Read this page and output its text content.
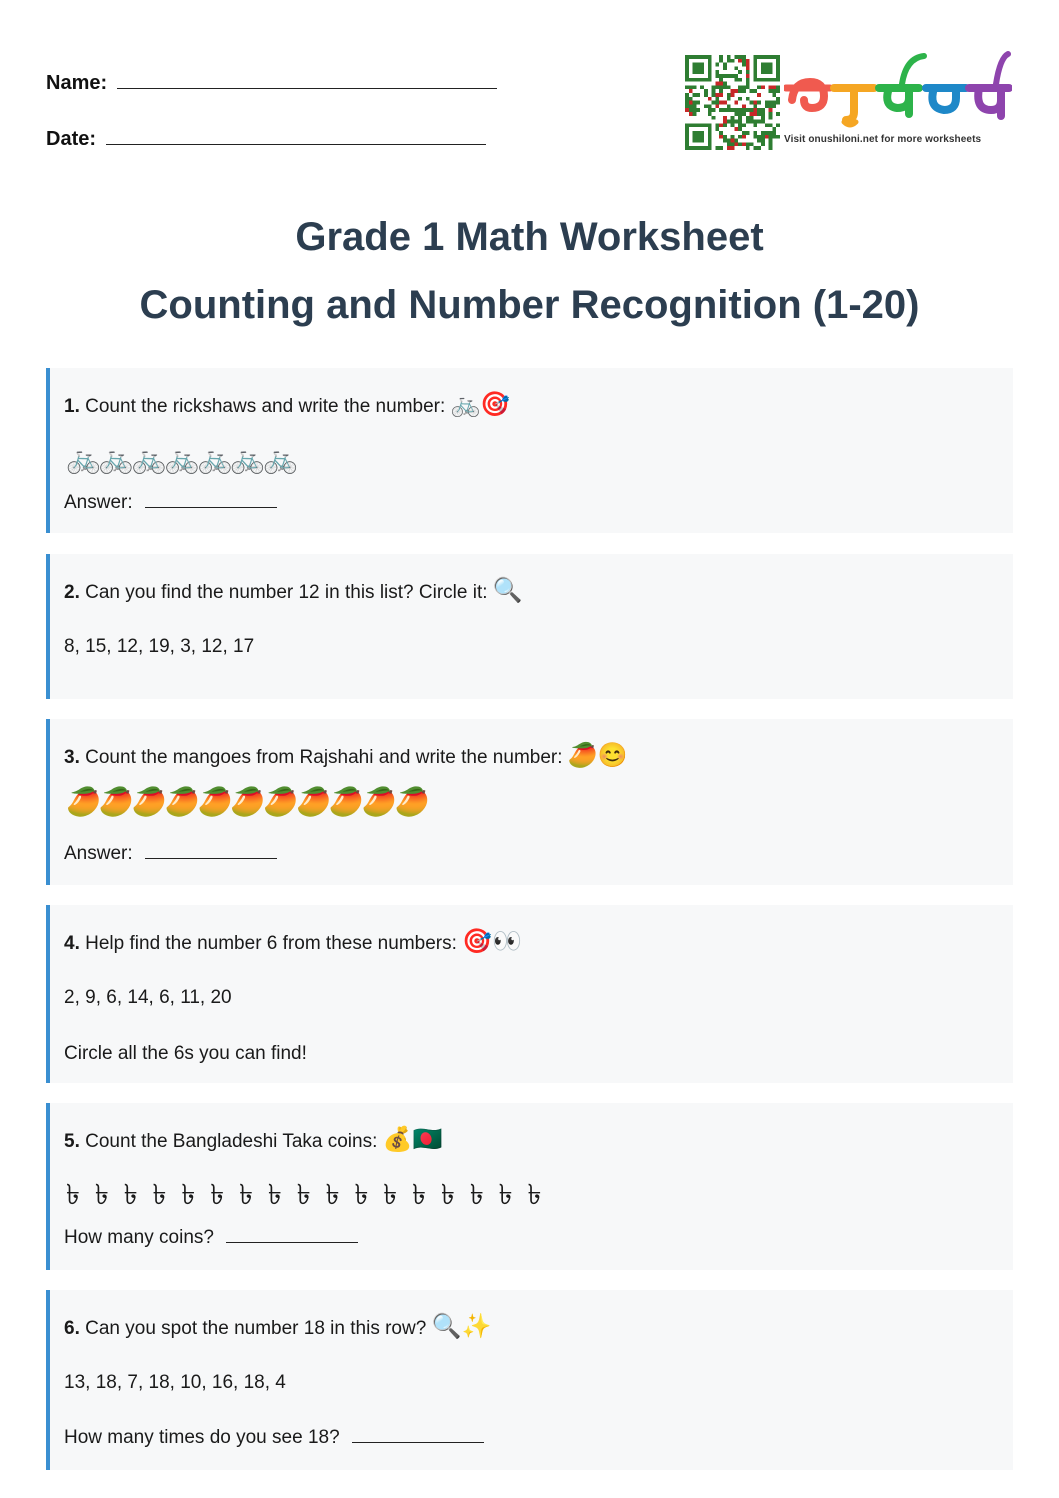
Name:
Date:	Visit onushiloni.net for more worksheets
Grade 1 Math Worksheet
Counting and Number Recognition (1-20)
1. Count the rickshaws and write the number: 🚲🎯
🚲🚲🚲🚲🚲🚲🚲
Answer:
2. Can you find the number 12 in this list? Circle it: 🔍
8, 15, 12, 19, 3, 12, 17
3. Count the mangoes from Rajshahi and write the number: 🥭😊
🥭🥭🥭🥭🥭🥭🥭🥭🥭🥭🥭
Answer:
4. Help find the number 6 from these numbers: 🎯👀
2, 9, 6, 14, 6, 11, 20
Circle all the 6s you can find!
5. Count the Bangladeshi Taka coins: 💰🇧🇩
৳ ৳ ৳ ৳ ৳ ৳ ৳ ৳ ৳ ৳ ৳ ৳ ৳ ৳ ৳ ৳ ৳
How many coins?
6. Can you spot the number 18 in this row? 🔍✨
13, 18, 7, 18, 10, 16, 18, 4
How many times do you see 18?
